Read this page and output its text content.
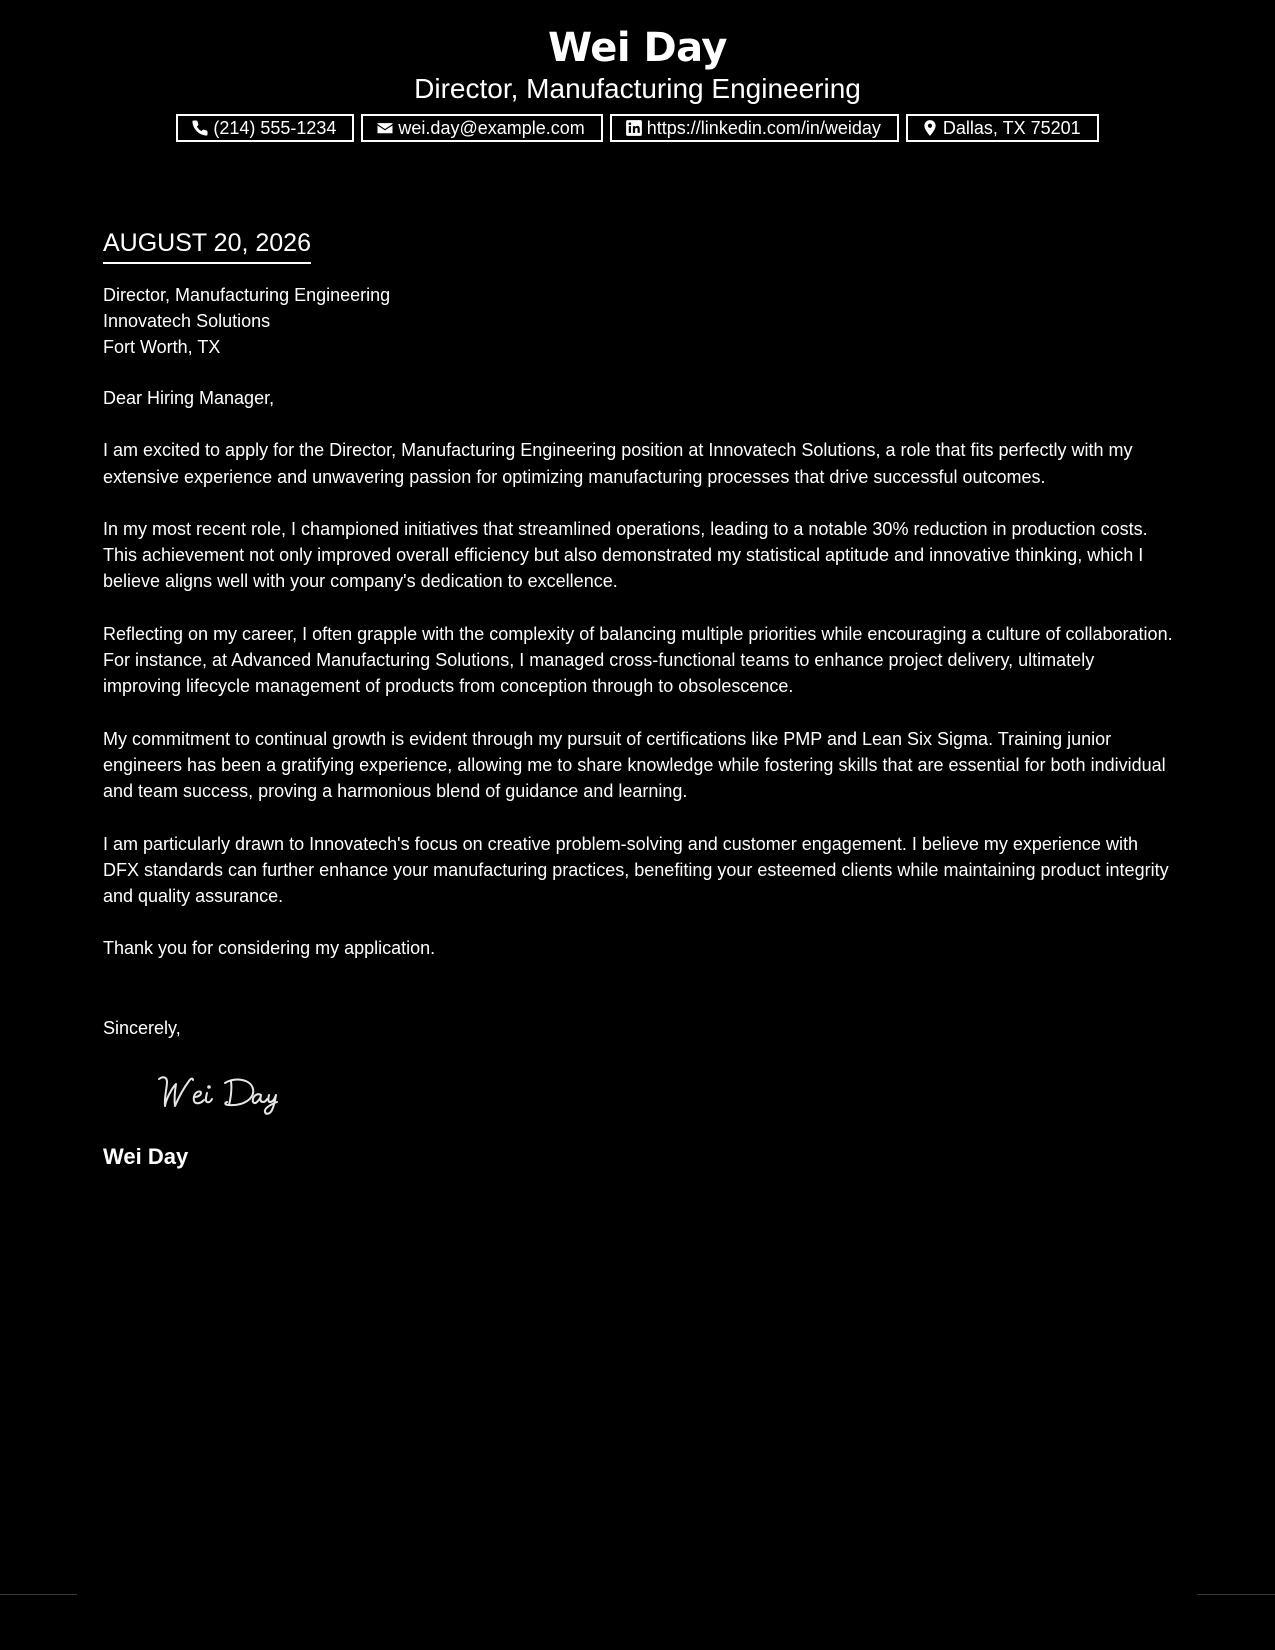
Wei Day
Director, Manufacturing Engineering
(214) 555-1234	wei.day@example.com	https://linkedin.com/in/weiday	Dallas, TX 75201
AUGUST 20, 2026
Director, Manufacturing Engineering
Innovatech Solutions
Fort Worth, TX
Dear Hiring Manager,
I am excited to apply for the Director, Manufacturing Engineering position at Innovatech Solutions, a role that fits perfectly with my extensive experience and unwavering passion for optimizing manufacturing processes that drive successful outcomes.
In my most recent role, I championed initiatives that streamlined operations, leading to a notable 30% reduction in production costs. This achievement not only improved overall efficiency but also demonstrated my statistical aptitude and innovative thinking, which I believe aligns well with your company's dedication to excellence.
Reflecting on my career, I often grapple with the complexity of balancing multiple priorities while encouraging a culture of collaboration. For instance, at Advanced Manufacturing Solutions, I managed cross-functional teams to enhance project delivery, ultimately improving lifecycle management of products from conception through to obsolescence.
My commitment to continual growth is evident through my pursuit of certifications like PMP and Lean Six Sigma. Training junior engineers has been a gratifying experience, allowing me to share knowledge while fostering skills that are essential for both individual and team success, proving a harmonious blend of guidance and learning.
I am particularly drawn to Innovatech's focus on creative problem-solving and customer engagement. I believe my experience with DFX standards can further enhance your manufacturing practices, benefiting your esteemed clients while maintaining product integrity and quality assurance.
Thank you for considering my application.
Sincerely,
Wei Day
